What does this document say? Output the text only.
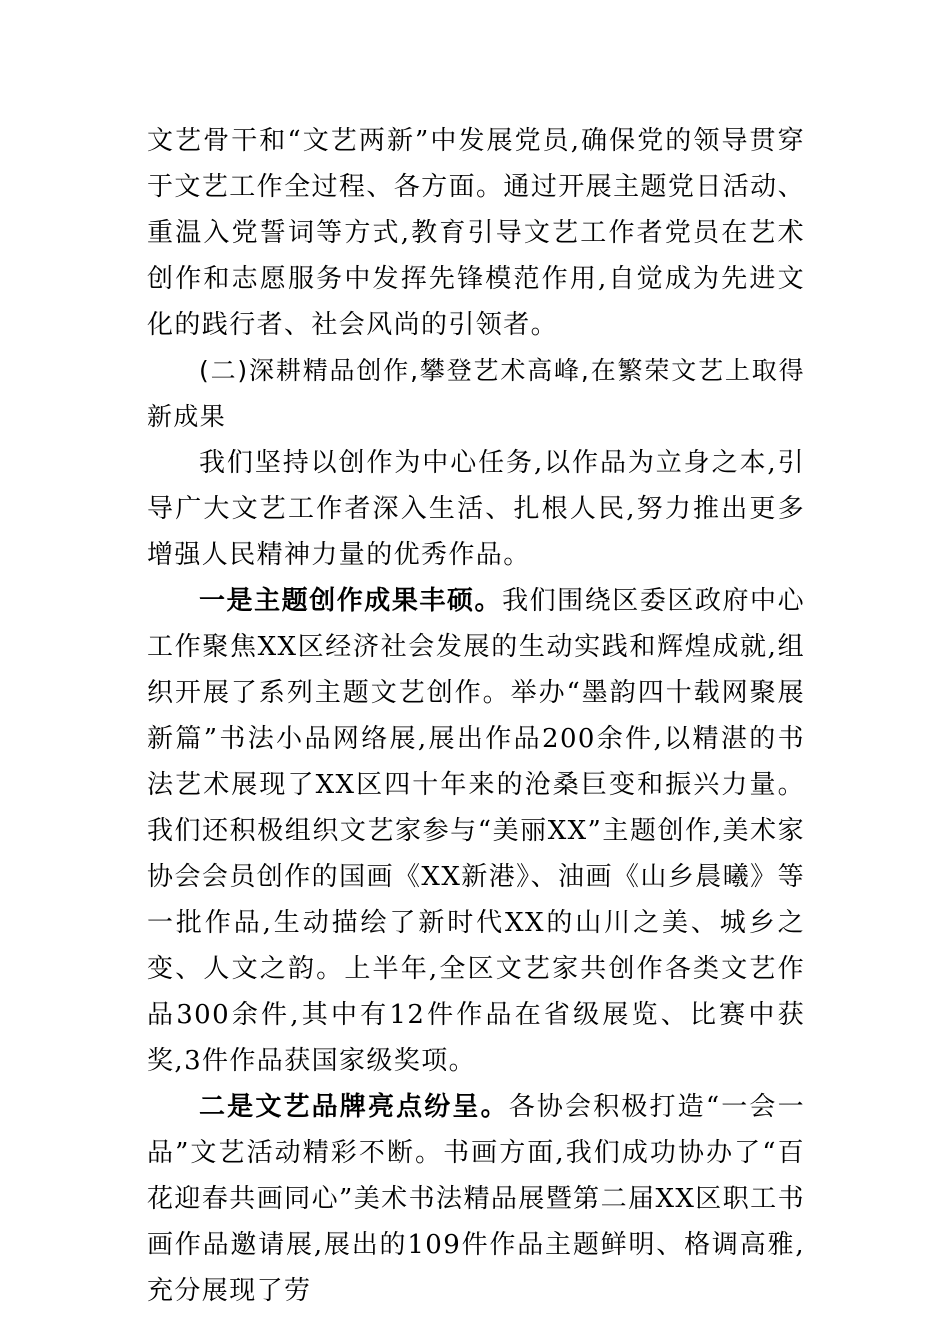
文艺骨干和“文艺两新”中发展党员,确保党的领导贯穿于文艺工作全过程、各方面。通过开展主题党日活动、重温入党誓词等方式,教育引导文艺工作者党员在艺术创作和志愿服务中发挥先锋模范作用,自觉成为先进文化的践行者、社会风尚的引领者。

(二)深耕精品创作,攀登艺术高峰,在繁荣文艺上取得新成果

我们坚持以创作为中心任务,以作品为立身之本,引导广大文艺工作者深入生活、扎根人民,努力推出更多增强人民精神力量的优秀作品。

一是主题创作成果丰硕。我们围绕区委区政府中心工作聚焦XX区经济社会发展的生动实践和辉煌成就,组织开展了系列主题文艺创作。举办“墨韵四十载网聚展新篇”书法小品网络展,展出作品200余件,以精湛的书法艺术展现了XX区四十年来的沧桑巨变和振兴力量。我们还积极组织文艺家参与“美丽XX”主题创作,美术家协会会员创作的国画《XX新港》、油画《山乡晨曦》等一批作品,生动描绘了新时代XX的山川之美、城乡之变、人文之韵。上半年,全区文艺家共创作各类文艺作品300余件,其中有12件作品在省级展览、比赛中获奖,3件作品获国家级奖项。

二是文艺品牌亮点纷呈。各协会积极打造“一会一品”文艺活动精彩不断。书画方面,我们成功协办了“百花迎春共画同心”美术书法精品展暨第二届XX区职工书画作品邀请展,展出的109件作品主题鲜明、格调高雅,充分展现了劳
